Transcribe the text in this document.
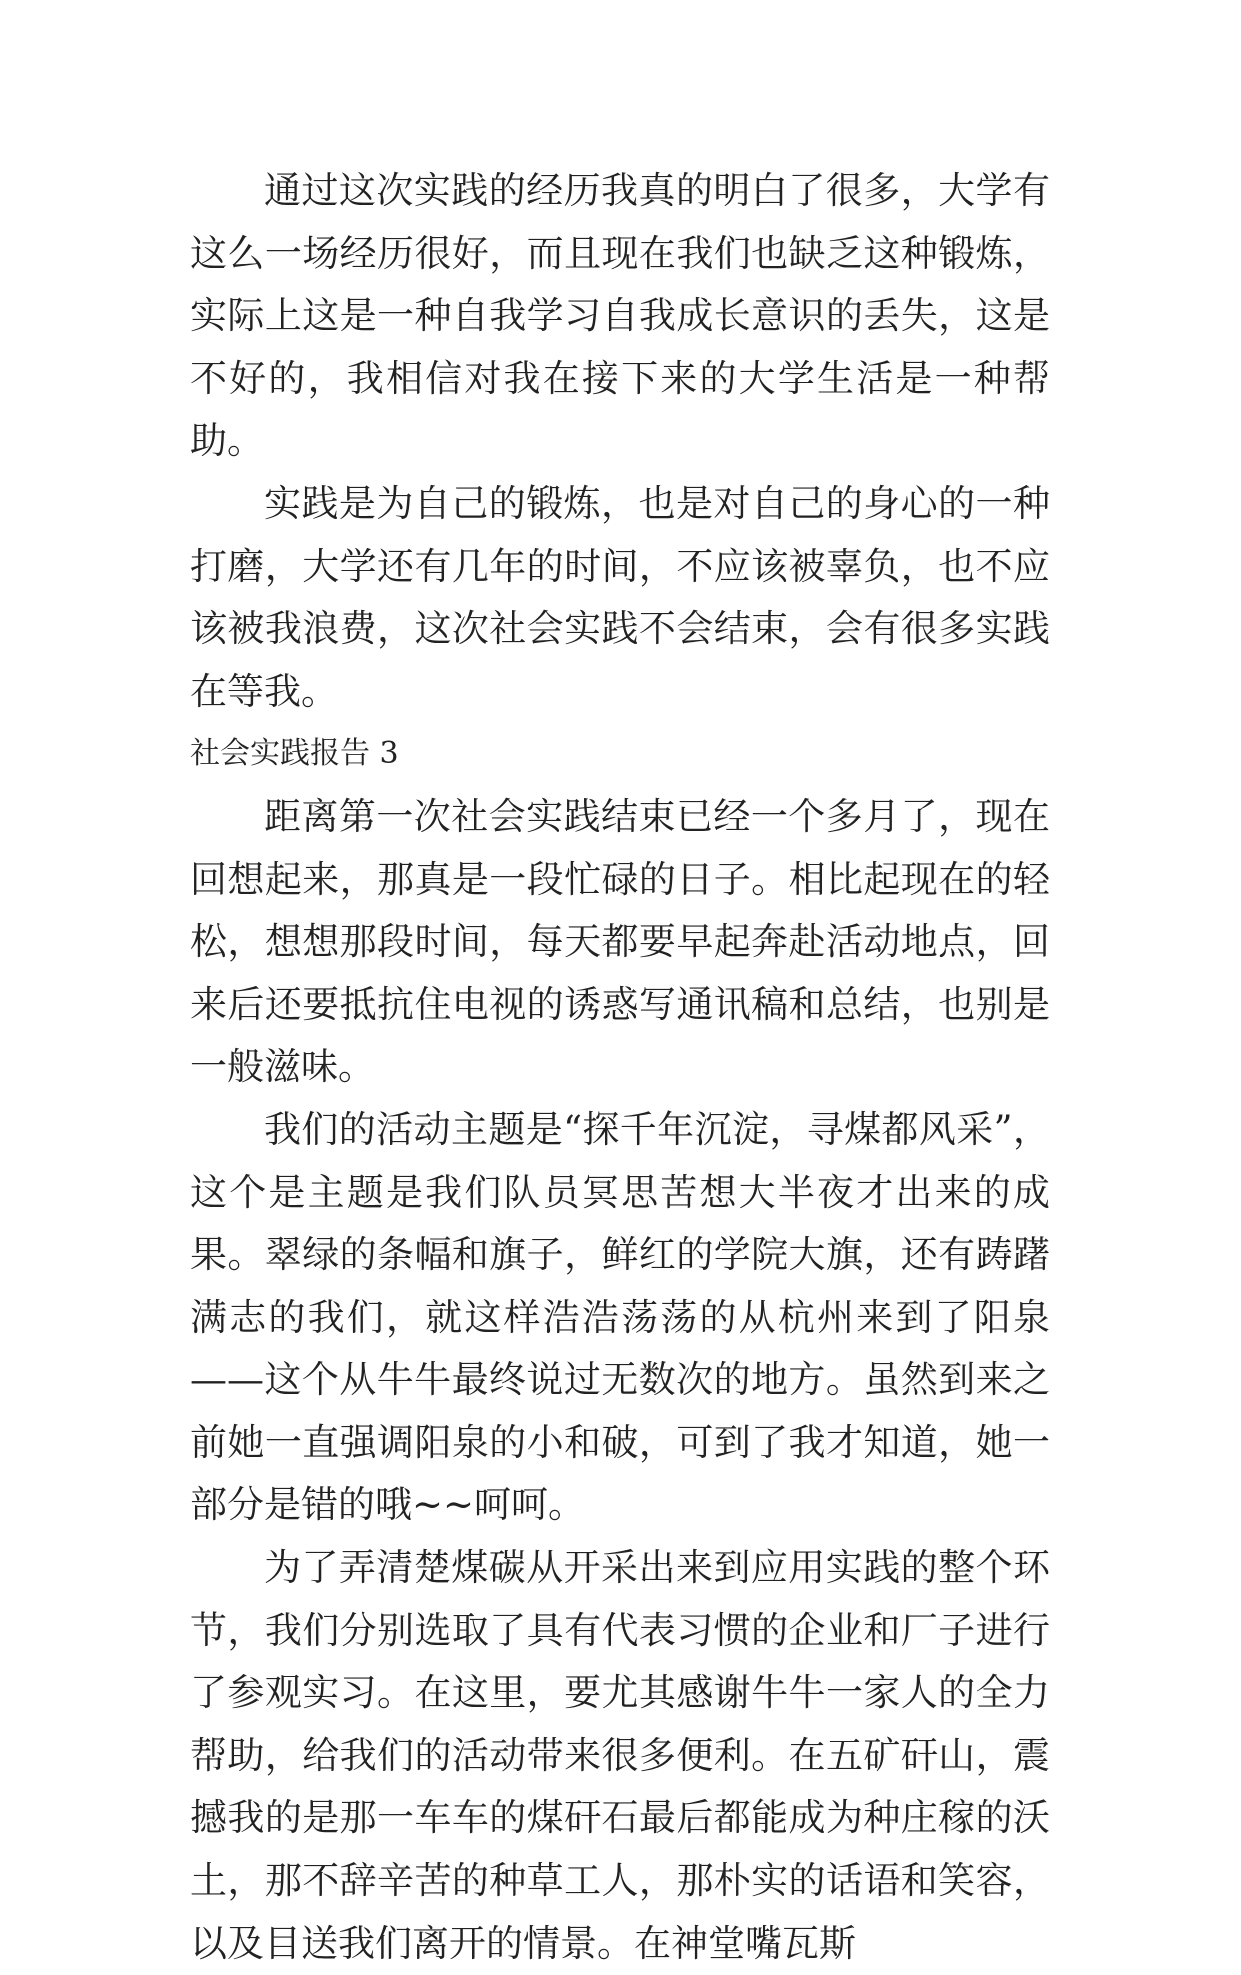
通过这次实践的经历我真的明白了很多，大学有这么一场经历很好，而且现在我们也缺乏这种锻炼，实际上这是一种自我学习自我成长意识的丢失，这是不好的，我相信对我在接下来的大学生活是一种帮助。

实践是为自己的锻炼，也是对自己的身心的一种打磨，大学还有几年的时间，不应该被辜负，也不应该被我浪费，这次社会实践不会结束，会有很多实践在等我。

社会实践报告 3

距离第一次社会实践结束已经一个多月了，现在回想起来，那真是一段忙碌的日子。相比起现在的轻松，想想那段时间，每天都要早起奔赴活动地点，回来后还要抵抗住电视的诱惑写通讯稿和总结，也别是一般滋味。

我们的活动主题是“探千年沉淀，寻煤都风采”，这个是主题是我们队员冥思苦想大半夜才出来的成果。翠绿的条幅和旗子，鲜红的学院大旗，还有踌躇满志的我们，就这样浩浩荡荡的从杭州来到了阳泉——这个从牛牛最终说过无数次的地方。虽然到来之前她一直强调阳泉的小和破，可到了我才知道，她一部分是错的哦~~呵呵。

为了弄清楚煤碳从开采出来到应用实践的整个环节，我们分别选取了具有代表习惯的企业和厂子进行了参观实习。在这里，要尤其感谢牛牛一家人的全力帮助，给我们的活动带来很多便利。在五矿矸山，震撼我的是那一车车的煤矸石最后都能成为种庄稼的沃土，那不辞辛苦的种草工人，那朴实的话语和笑容，以及目送我们离开的情景。在神堂嘴瓦斯
